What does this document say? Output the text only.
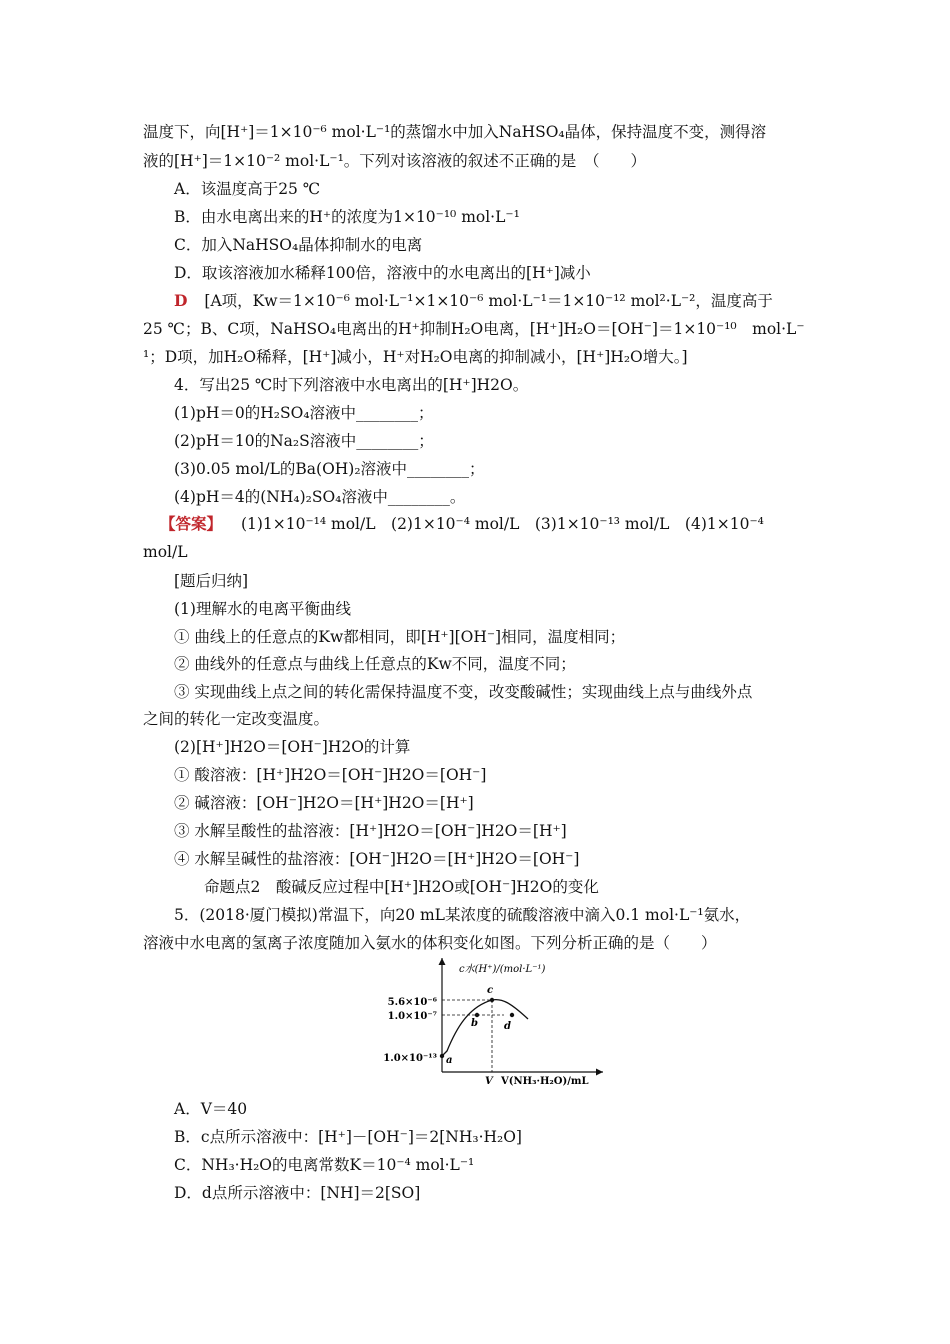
温度下，向[H⁺]＝1×10⁻⁶ mol·L⁻¹的蒸馏水中加入NaHSO₄晶体，保持温度不变，测得溶
液的[H⁺]＝1×10⁻² mol·L⁻¹。下列对该溶液的叙述不正确的是　（　　）
A．该温度高于25 ℃
B．由水电离出来的H⁺的浓度为1×10⁻¹⁰ mol·L⁻¹
C．加入NaHSO₄晶体抑制水的电离
D．取该溶液加水稀释100倍，溶液中的水电离出的[H⁺]减小
D [A项，Kw＝1×10⁻⁶ mol·L⁻¹×1×10⁻⁶ mol·L⁻¹＝1×10⁻¹² mol²·L⁻²，温度高于
25 ℃；B、C项，NaHSO₄电离出的H⁺抑制H₂O电离，[H⁺]H₂O＝[OH⁻]＝1×10⁻¹⁰　mol·L⁻
¹；D项，加H₂O稀释，[H⁺]减小，H⁺对H₂O电离的抑制减小，[H⁺]H₂O增大。]
4．写出25 ℃时下列溶液中水电离出的[H⁺]H2O。
(1)pH＝0的H₂SO₄溶液中________；
(2)pH＝10的Na₂S溶液中________；
(3)0.05 mol/L的Ba(OH)₂溶液中________；
(4)pH＝4的(NH₄)₂SO₄溶液中________。
【答案】 (1)1×10⁻¹⁴ mol/L　(2)1×10⁻⁴ mol/L　(3)1×10⁻¹³ mol/L　(4)1×10⁻⁴
mol/L
[题后归纳]
(1)理解水的电离平衡曲线
① 曲线上的任意点的Kw都相同，即[H⁺][OH⁻]相同，温度相同；
② 曲线外的任意点与曲线上任意点的Kw不同，温度不同；
③ 实现曲线上点之间的转化需保持温度不变，改变酸碱性；实现曲线上点与曲线外点
之间的转化一定改变温度。
(2)[H⁺]H2O＝[OH⁻]H2O的计算
① 酸溶液：[H⁺]H2O＝[OH⁻]H2O＝[OH⁻]
② 碱溶液：[OH⁻]H2O＝[H⁺]H2O＝[H⁺]
③ 水解呈酸性的盐溶液：[H⁺]H2O＝[OH⁻]H2O＝[H⁺]
④ 水解呈碱性的盐溶液：[OH⁻]H2O＝[H⁺]H2O＝[OH⁻]
命题点2　酸碱反应过程中[H⁺]H2O或[OH⁻]H2O的变化
5．(2018·厦门模拟)常温下，向20 mL某浓度的硫酸溶液中滴入0.1 mol·L⁻¹氨水，
溶液中水电离的氢离子浓度随加入氨水的体积变化如图。下列分析正确的是（　　）
c水(H⁺)/(mol·L⁻¹)
V(NH₃·H₂O)/mL
V
5.6×10⁻⁶
1.0×10⁻⁷
1.0×10⁻¹³ a
b
c
d
A．V＝40
B．c点所示溶液中：[H⁺]－[OH⁻]＝2[NH₃·H₂O]
C．NH₃·H₂O的电离常数K＝10⁻⁴ mol·L⁻¹
D．d点所示溶液中：[NH]＝2[SO]
